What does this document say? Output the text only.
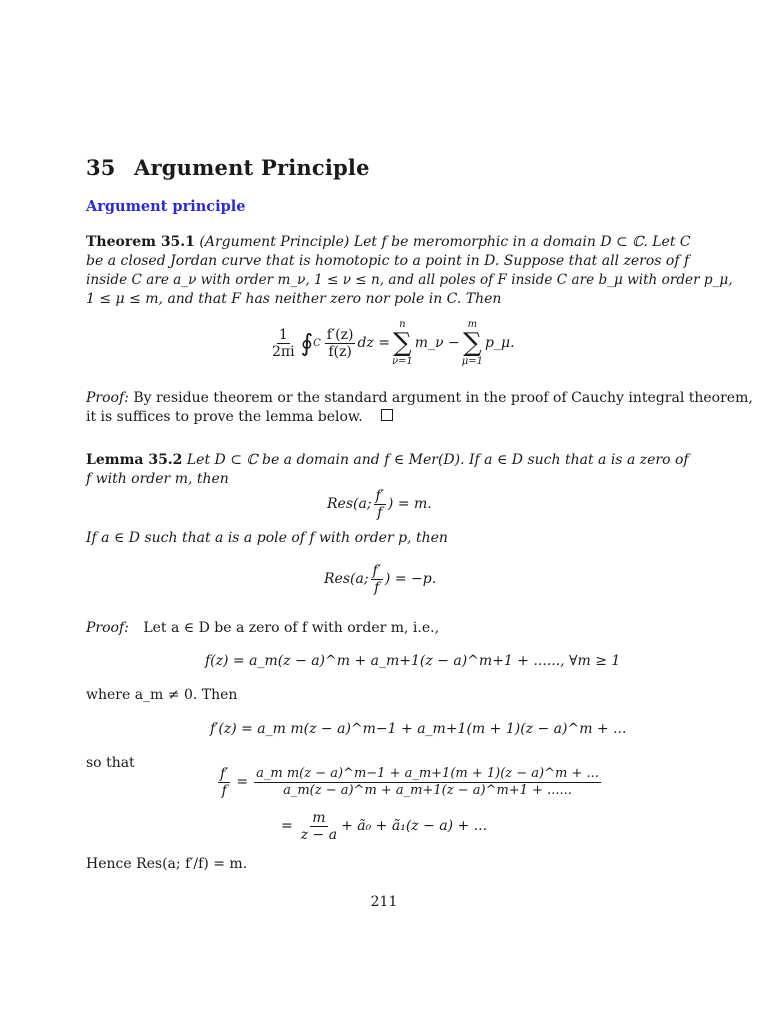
35 Argument Principle
Argument principle
Theorem 35.1 (Argument Principle) Let f be meromorphic in a domain D ⊂ ℂ. Let C
be a closed Jordan curve that is homotopic to a point in D. Suppose that all zeros of f
inside C are a_ν with order m_ν, 1 ≤ ν ≤ n, and all poles of F inside C are b_μ with order p_μ,
1 ≤ μ ≤ m, and that F has neither zero nor pole in C. Then
$\frac{1}{2\pi i}$ ∮ C $\frac{f'(z)}{f(z)}$ dz =
n
∑
ν=1
m_ν −
m
∑
μ=1
p_μ.
Proof: By residue theorem or the standard argument in the proof of Cauchy integral theorem,
it is suffices to prove the lemma below.
Lemma 35.2 Let D ⊂ ℂ be a domain and f ∈ Mer(D). If a ∈ D such that a is a zero of
f with order m, then
Res(a; $\frac{f'}{f}$ ) = m.
If a ∈ D such that a is a pole of f with order p, then
Res(a; $\frac{f'}{f}$ ) = −p.
Proof: Let a ∈ D be a zero of f with order m, i.e.,
f(z) = a_m(z − a)^m + a_m+1(z − a)^m+1 + ......, ∀m ≥ 1
where a_m ≠ 0. Then
f′(z) = a_m m(z − a)^m−1 + a_m+1(m + 1)(z − a)^m + ...
so that
$\frac{f'}{f} = \frac{\text{a\_m m(z − a)\textasciicircum{}m−1 + a\_m+1(m + 1)(z − a)\textasciicircum{}m + ...}}{a\_m(z - a)\^{}m + a\_m+1(z - a)\^{}m+1 + ......}$
= $\frac{m}{z - a}$ + ã₀ + ã₁(z − a) + ...
Hence Res(a; f′/f) = m.
211
